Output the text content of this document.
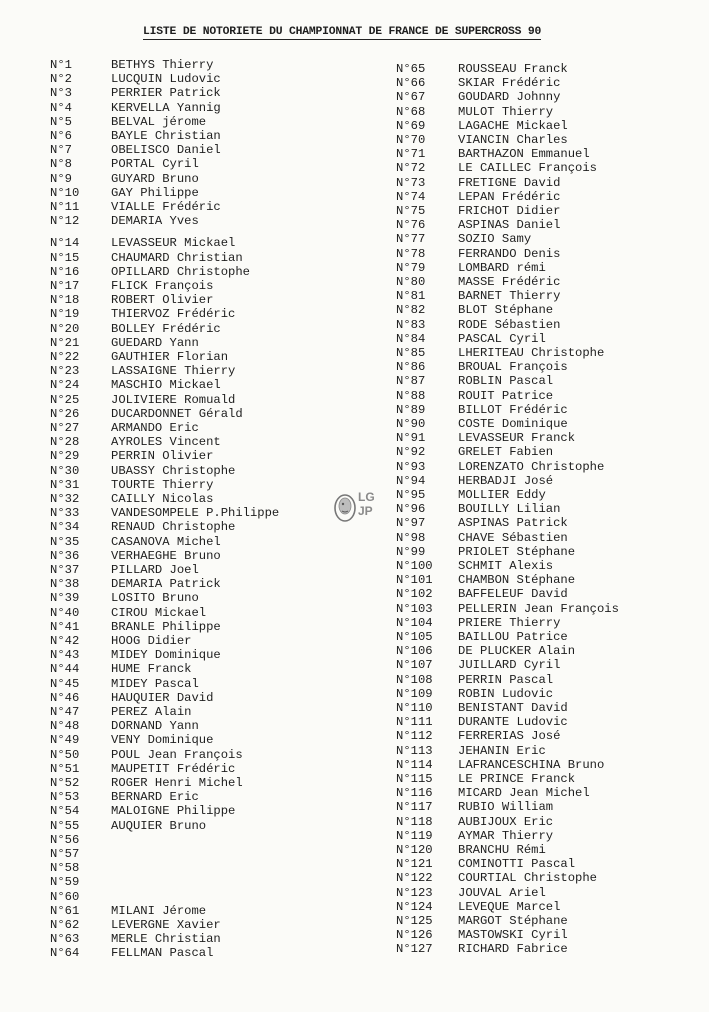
LISTE DE NOTORIETE DU CHAMPIONNAT DE FRANCE DE SUPERCROSS 90
N°1	BETHYS Thierry
N°2	LUCQUIN Ludovic
N°3	PERRIER Patrick
N°4	KERVELLA Yannig
N°5	BELVAL jérome
N°6	BAYLE Christian
N°7	OBELISCO Daniel
N°8	PORTAL Cyril
N°9	GUYARD Bruno
N°10	GAY Philippe
N°11	VIALLE Frédéric
N°12	DEMARIA Yves
N°14	LEVASSEUR Mickael
N°15	CHAUMARD Christian
N°16	OPILLARD Christophe
N°17	FLICK François
N°18	ROBERT Olivier
N°19	THIERVOZ Frédéric
N°20	BOLLEY Frédéric
N°21	GUEDARD Yann
N°22	GAUTHIER Florian
N°23	LASSAIGNE Thierry
N°24	MASCHIO Mickael
N°25	JOLIVIERE Romuald
N°26	DUCARDONNET Gérald
N°27	ARMANDO Eric
N°28	AYROLES Vincent
N°29	PERRIN Olivier
N°30	UBASSY Christophe
N°31	TOURTE Thierry
N°32	CAILLY Nicolas
N°33	VANDESOMPELE P.Philippe
N°34	RENAUD Christophe
N°35	CASANOVA Michel
N°36	VERHAEGHE Bruno
N°37	PILLARD Joel
N°38	DEMARIA Patrick
N°39	LOSITO Bruno
N°40	CIROU Mickael
N°41	BRANLE Philippe
N°42	HOOG Didier
N°43	MIDEY Dominique
N°44	HUME Franck
N°45	MIDEY Pascal
N°46	HAUQUIER David
N°47	PEREZ Alain
N°48	DORNAND Yann
N°49	VENY Dominique
N°50	POUL Jean François
N°51	MAUPETIT Frédéric
N°52	ROGER Henri Michel
N°53	BERNARD Eric
N°54	MALOIGNE Philippe
N°55	AUQUIER Bruno
N°56
N°57
N°58
N°59
N°60
N°61	MILANI Jérome
N°62	LEVERGNE Xavier
N°63	MERLE Christian
N°64	FELLMAN Pascal
N°65	ROUSSEAU Franck
N°66	SKIAR Frédéric
N°67	GOUDARD Johnny
N°68	MULOT Thierry
N°69	LAGACHE Mickael
N°70	VIANCIN Charles
N°71	BARTHAZON Emmanuel
N°72	LE CAILLEC François
N°73	FRETIGNE David
N°74	LEPAN Frédéric
N°75	FRICHOT Didier
N°76	ASPINAS Daniel
N°77	SOZIO Samy
N°78	FERRANDO Denis
N°79	LOMBARD rémi
N°80	MASSE Frédéric
N°81	BARNET Thierry
N°82	BLOT Stéphane
N°83	RODE Sébastien
N°84	PASCAL Cyril
N°85	LHERITEAU Christophe
N°86	BROUAL François
N°87	ROBLIN Pascal
N°88	ROUIT Patrice
N°89	BILLOT Frédéric
N°90	COSTE Dominique
N°91	LEVASSEUR Franck
N°92	GRELET Fabien
N°93	LORENZATO Christophe
N°94	HERBADJI José
N°95	MOLLIER Eddy
N°96	BOUILLY Lilian
N°97	ASPINAS Patrick
N°98	CHAVE Sébastien
N°99	PRIOLET Stéphane
N°100 SCHMIT Alexis
N°101 CHAMBON Stéphane
N°102 BAFFELEUF David
N°103 PELLERIN Jean François
N°104 PRIERE Thierry
N°105 BAILLOU Patrice
N°106 DE PLUCKER Alain
N°107 JUILLARD Cyril
N°108 PERRIN Pascal
N°109 ROBIN Ludovic
N°110 BENISTANT David
N°111 DURANTE Ludovic
N°112 FERRERIAS José
N°113 JEHANIN Eric
N°114 LAFRANCESCHINA Bruno
N°115 LE PRINCE Franck
N°116 MICARD Jean Michel
N°117 RUBIO William
N°118 AUBIJOUX Eric
N°119 AYMAR Thierry
N°120 BRANCHU Rémi
N°121 COMINOTTI Pascal
N°122 COURTIAL Christophe
N°123 JOUVAL Ariel
N°124 LEVEQUE Marcel
N°125 MARGOT Stéphane
N°126 MASTOWSKI Cyril
N°127 RICHARD Fabrice
LG
JP
